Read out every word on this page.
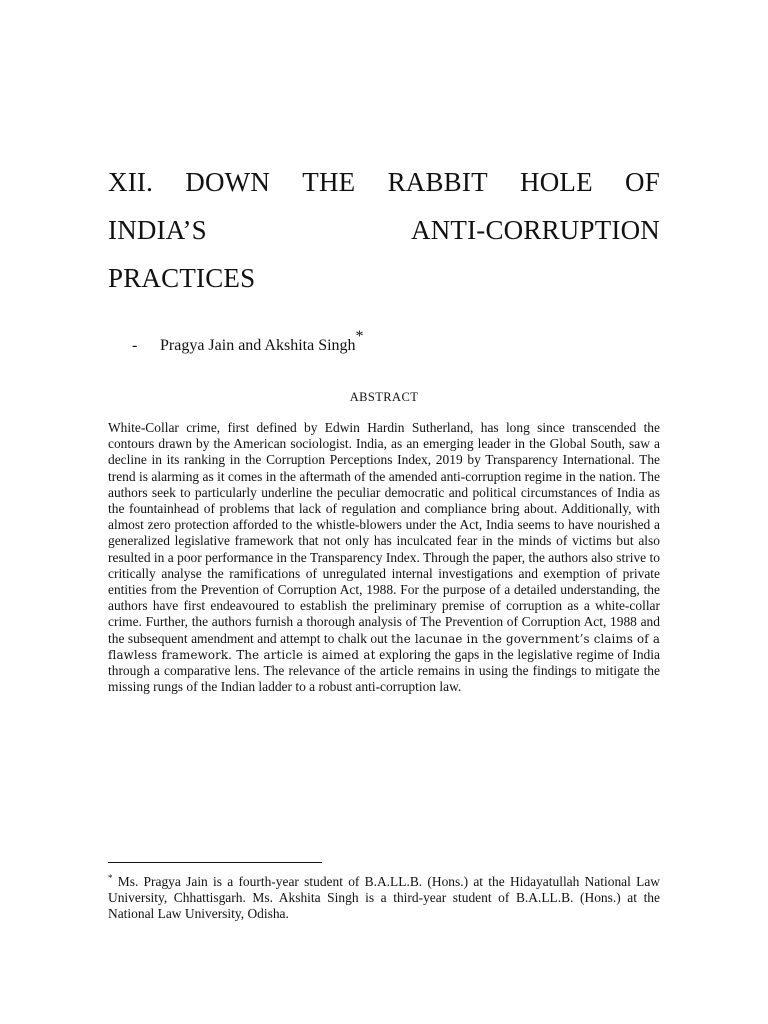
XII. DOWN THE RABBIT HOLE OF
INDIA’S	ANTI-CORRUPTION
PRACTICES
- Pragya Jain and Akshita Singh*
ABSTRACT

White-Collar crime, first defined by Edwin Hardin Sutherland, has long since transcended the contours drawn by the American sociologist. India, as an emerging leader in the Global South, saw a decline in its ranking in the Corruption Perceptions Index, 2019 by Transparency International. The trend is alarming as it comes in the aftermath of the amended anti-corruption regime in the nation. The authors seek to particularly underline the peculiar democratic and political circumstances of India as the fountainhead of problems that lack of regulation and compliance bring about. Additionally, with almost zero protection afforded to the whistle-blowers under the Act, India seems to have nourished a generalized legislative framework that not only has inculcated fear in the minds of victims but also resulted in a poor performance in the Transparency Index. Through the paper, the authors also strive to critically analyse the ramifications of unregulated internal investigations and exemption of private entities from the Prevention of Corruption Act, 1988. For the purpose of a detailed understanding, the authors have first endeavoured to establish the preliminary premise of corruption as a white-collar crime. Further, the authors furnish a thorough analysis of The Prevention of Corruption Act, 1988 and the subsequent amendment and attempt to chalk out the lacunae in the government’s claims of a flawless framework. The article is aimed at exploring the gaps in the legislative regime of India through a comparative lens. The relevance of the article remains in using the findings to mitigate the missing rungs of the Indian ladder to a robust anti-corruption law.

* Ms. Pragya Jain is a fourth-year student of B.A.LL.B. (Hons.) at the Hidayatullah National Law University, Chhattisgarh. Ms. Akshita Singh is a third-year student of B.A.LL.B. (Hons.) at the National Law University, Odisha.
